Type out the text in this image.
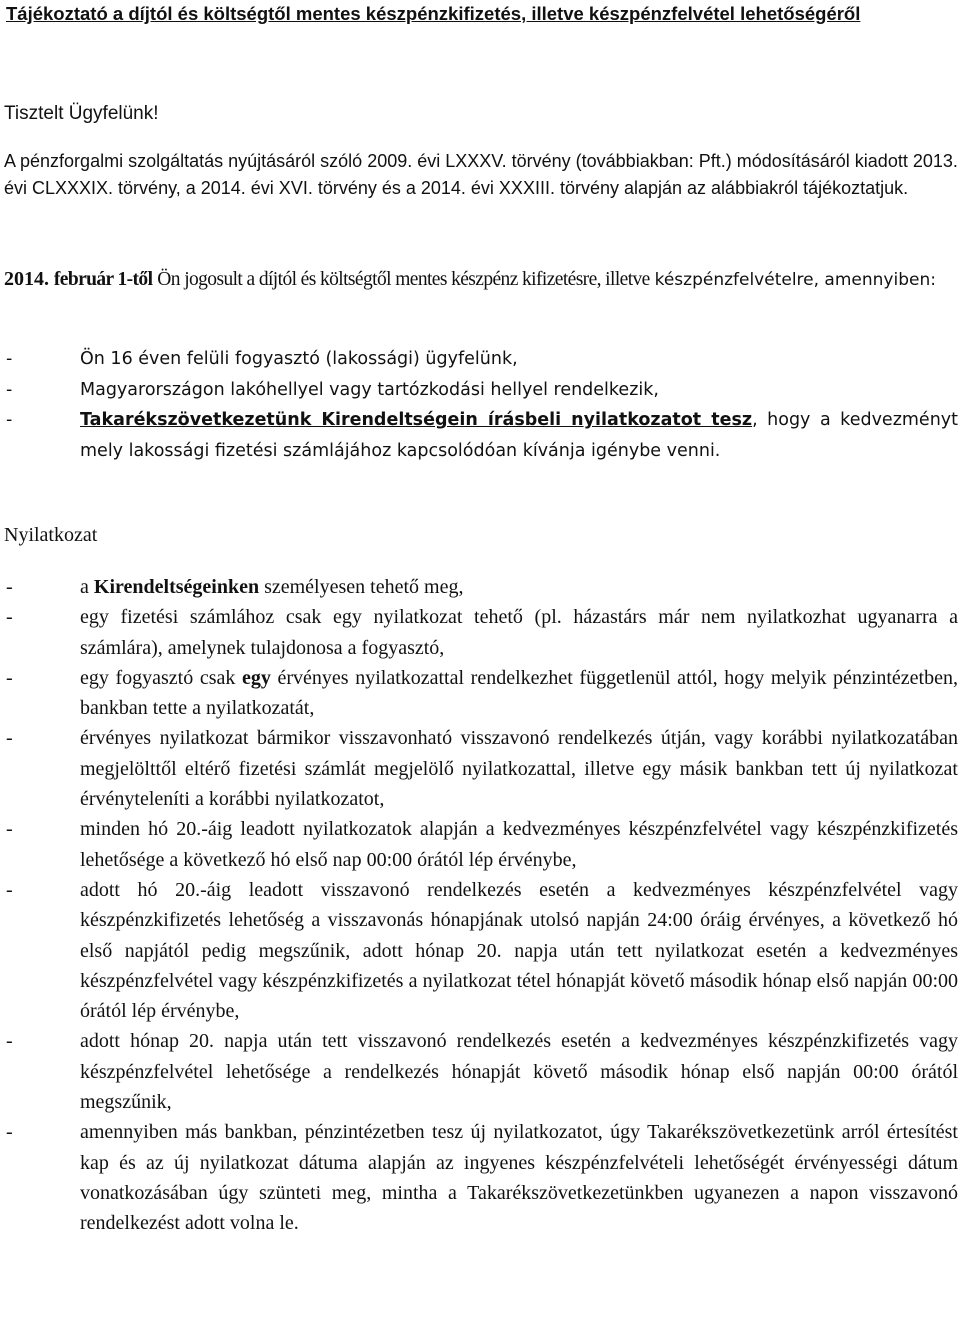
Tájékoztató a díjtól és költségtől mentes készpénzkifizetés, illetve készpénzfelvétel lehetőségéről

Tisztelt Ügyfelünk!

A pénzforgalmi szolgáltatás nyújtásáról szóló 2009. évi LXXXV. törvény (továbbiakban: Pft.) módosításáról kiadott 2013. évi CLXXXIX. törvény, a 2014. évi XVI. törvény és a 2014. évi XXXIII. törvény alapján az alábbiakról tájékoztatjuk.

2014. február 1-től Ön jogosult a díjtól és költségtől mentes készpénz kifizetésre, illetve készpénzfelvételre, amennyiben:

-	Ön 16 éven felüli fogyasztó (lakossági) ügyfelünk,
-	Magyarországon lakóhellyel vagy tartózkodási hellyel rendelkezik,
-	Takarékszövetkezetünk Kirendeltségein írásbeli nyilatkozatot tesz, hogy a kedvezményt mely lakossági fizetési számlájához kapcsolódóan kívánja igénybe venni.

Nyilatkozat

-	a Kirendeltségeinken személyesen tehető meg,
-	egy fizetési számlához csak egy nyilatkozat tehető (pl. házastárs már nem nyilatkozhat ugyanarra a számlára), amelynek tulajdonosa a fogyasztó,
-	egy fogyasztó csak egy érvényes nyilatkozattal rendelkezhet függetlenül attól, hogy melyik pénzintézetben, bankban tette a nyilatkozatát,
-	érvényes nyilatkozat bármikor visszavonható visszavonó rendelkezés útján, vagy korábbi nyilatkozatában megjelölttől eltérő fizetési számlát megjelölő nyilatkozattal, illetve egy másik bankban tett új nyilatkozat érvényteleníti a korábbi nyilatkozatot,
-	minden hó 20.-áig leadott nyilatkozatok alapján a kedvezményes készpénzfelvétel vagy készpénzkifizetés lehetősége a következő hó első nap 00:00 órától lép érvénybe,
-	adott hó 20.-áig leadott visszavonó rendelkezés esetén a kedvezményes készpénzfelvétel vagy készpénzkifizetés lehetőség a visszavonás hónapjának utolsó napján 24:00 óráig érvényes, a következő hó első napjától pedig megszűnik, adott hónap 20. napja után tett nyilatkozat esetén a kedvezményes készpénzfelvétel vagy készpénzkifizetés a nyilatkozat tétel hónapját követő második hónap első napján 00:00 órától lép érvénybe,
-	adott hónap 20. napja után tett visszavonó rendelkezés esetén a kedvezményes készpénzkifizetés vagy készpénzfelvétel lehetősége a rendelkezés hónapját követő második hónap első napján 00:00 órától megszűnik,
-	amennyiben más bankban, pénzintézetben tesz új nyilatkozatot, úgy Takarékszövetkezetünk arról értesítést kap és az új nyilatkozat dátuma alapján az ingyenes készpénzfelvételi lehetőségét érvényességi dátum vonatkozásában úgy szünteti meg, mintha a Takarékszövetkezetünkben ugyanezen a napon visszavonó rendelkezést adott volna le.
